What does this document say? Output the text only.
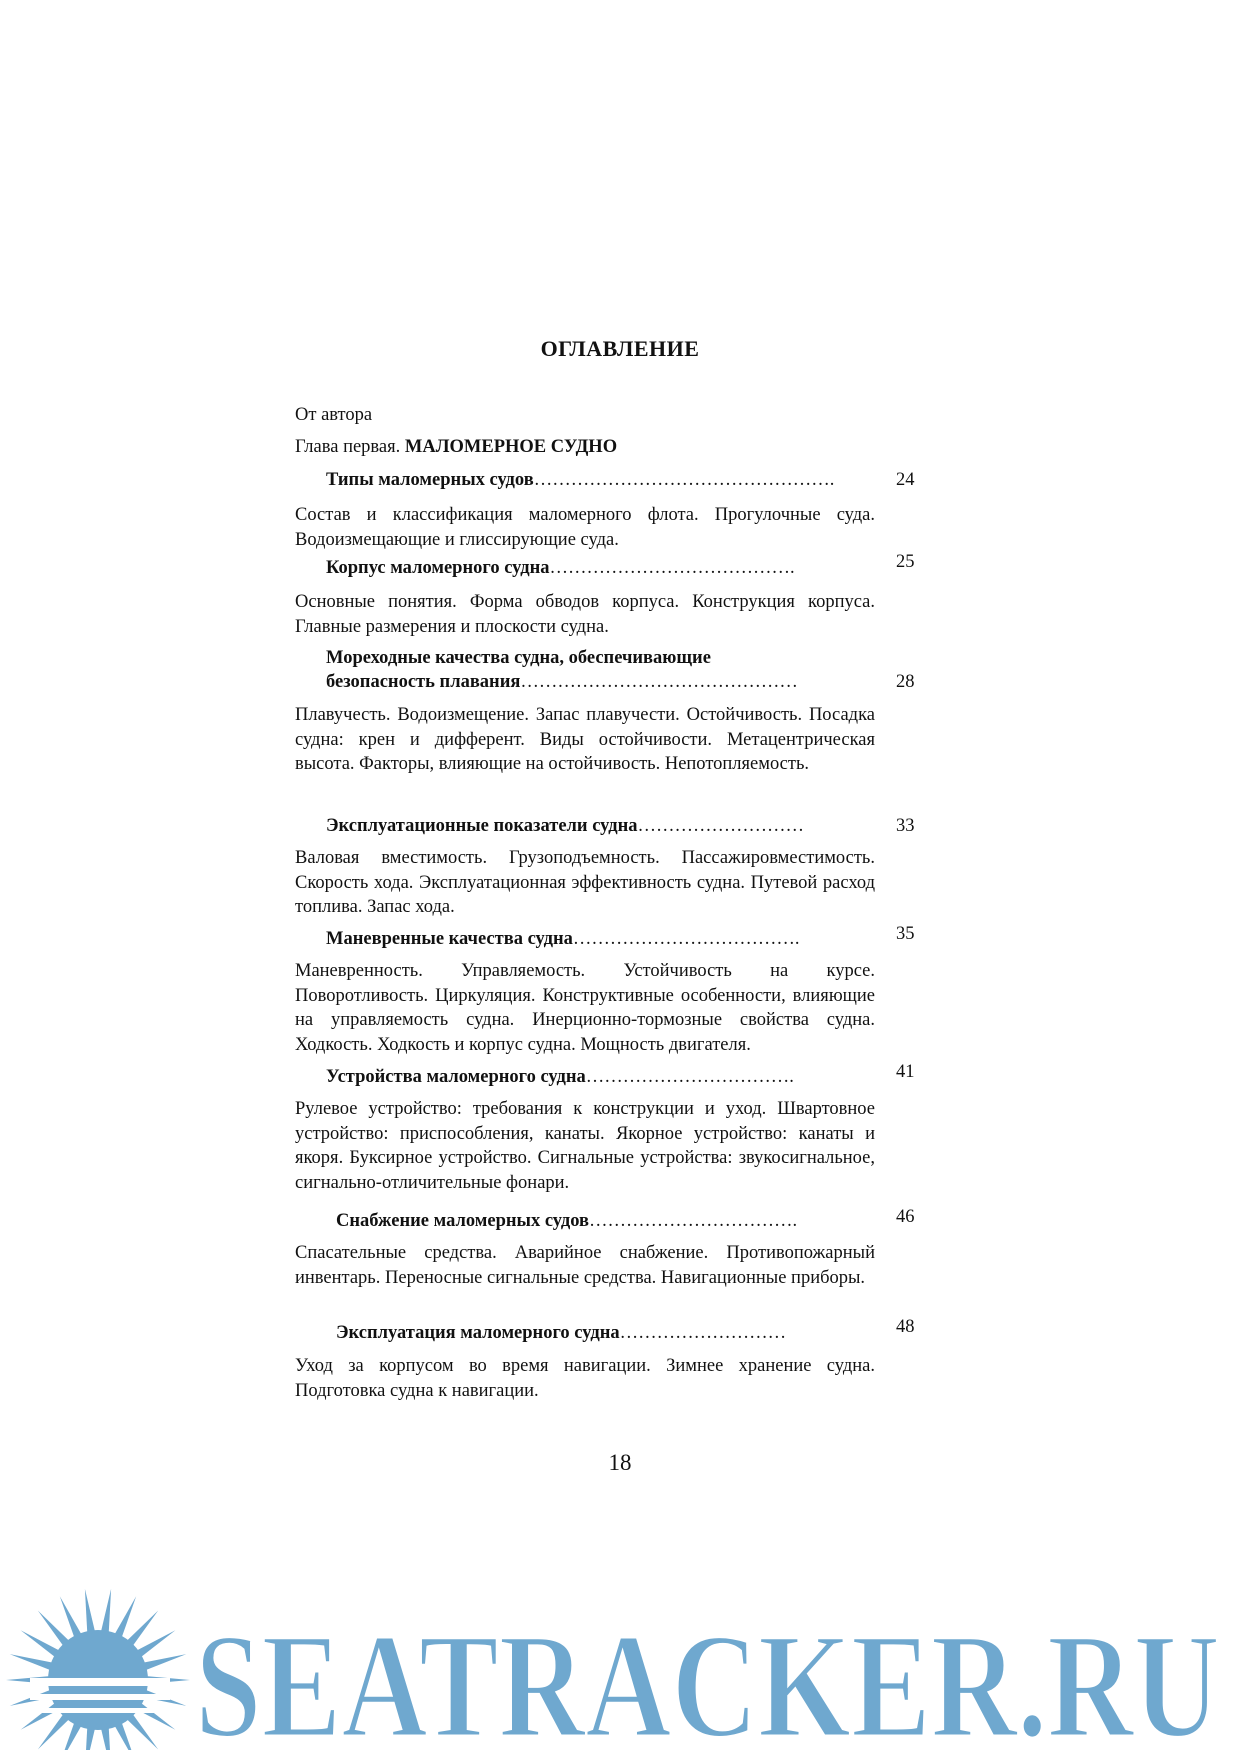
ОГЛАВЛЕНИЕ
От автора
Глава первая. МАЛОМЕРНОЕ СУДНО
Типы маломерных судов………………………………………….	24
Состав и классификация маломерного флота. Прогулочные суда. Водоизмещающие и глиссирующие суда.
Корпус маломерного судна………………………………….	25
Основные понятия. Форма обводов корпуса. Конструкция корпуса. Главные размерения и плоскости судна.
Мореходные качества судна, обеспечивающие
безопасность плавания………………………………………	28
Плавучесть. Водоизмещение. Запас плавучести. Остойчивость. Посадка судна: крен и дифферент. Виды остойчивости. Метацентрическая высота. Факторы, влияющие на остойчивость. Непотопляемость.
Эксплуатационные показатели судна………………………	33
Валовая вместимость. Грузоподъемность. Пассажировместимость. Скорость хода. Эксплуатационная эффективность судна. Путевой расход топлива. Запас хода.
Маневренные качества судна……………………………….	35
Маневренность. Управляемость. Устойчивость на курсе. Поворотливость. Циркуляция. Конструктивные особенности, влияющие на управляемость судна. Инерционно-тормозные свойства судна. Ходкость. Ходкость и корпус судна. Мощность двигателя.
Устройства маломерного судна…………………………….	41
Рулевое устройство: требования к конструкции и уход. Швартовное устройство: приспособления, канаты. Якорное устройство: канаты и якоря. Буксирное устройство. Сигнальные устройства: звукосигнальное, сигнально-отличительные фонари.
Снабжение маломерных судов…………………………….	46
Спасательные средства. Аварийное снабжение. Противопожарный инвентарь. Переносные сигнальные средства. Навигационные приборы.
Эксплуатация маломерного судна………………………	48
Уход за корпусом во время навигации. Зимнее хранение судна. Подготовка судна к навигации.
18
SEATRACKER.RU
